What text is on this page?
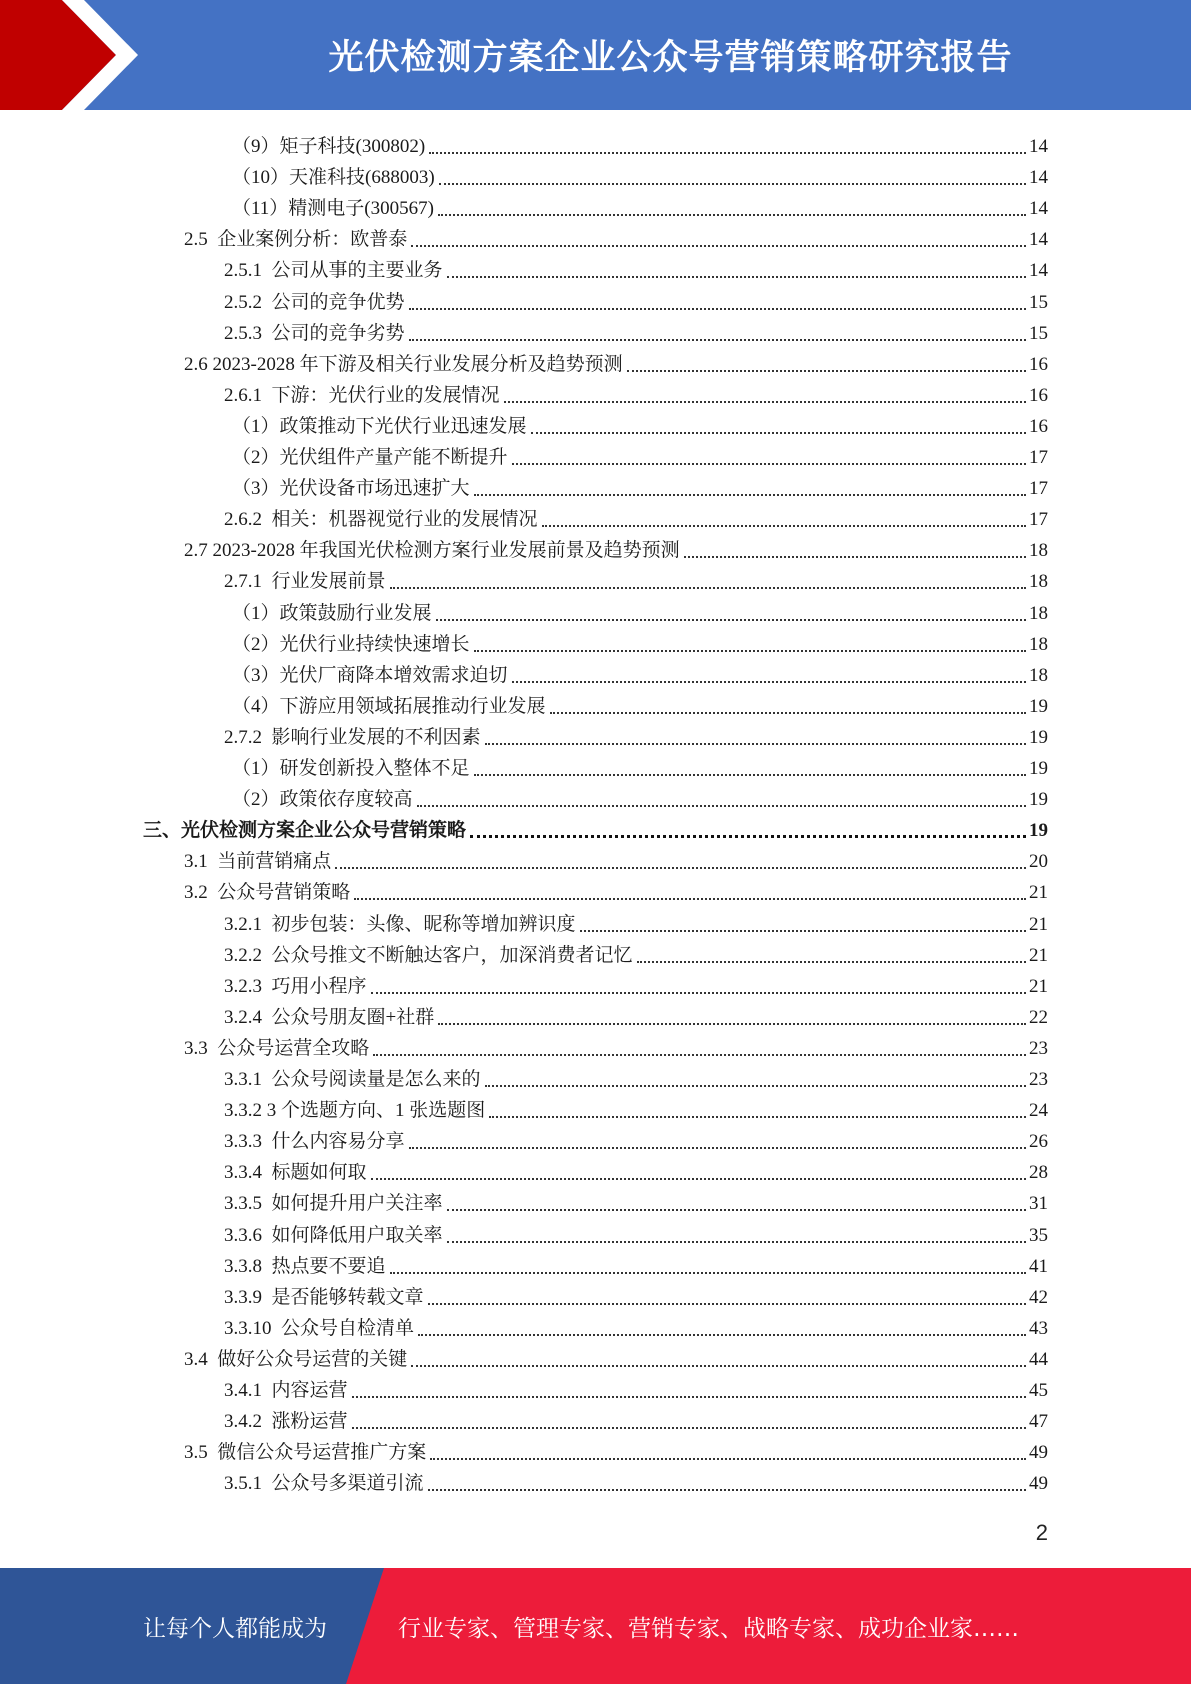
光伏检测方案企业公众号营销策略研究报告
（9）矩子科技(300802)	14
（10）天准科技(688003)	14
（11）精测电子(300567)	14
2.5  企业案例分析：欧普泰	14
2.5.1  公司从事的主要业务	14
2.5.2  公司的竞争优势	15
2.5.3  公司的竞争劣势	15
2.6 2023-2028 年下游及相关行业发展分析及趋势预测	16
2.6.1  下游：光伏行业的发展情况	16
（1）政策推动下光伏行业迅速发展	16
（2）光伏组件产量产能不断提升	17
（3）光伏设备市场迅速扩大	17
2.6.2  相关：机器视觉行业的发展情况	17
2.7 2023-2028 年我国光伏检测方案行业发展前景及趋势预测	18
2.7.1  行业发展前景	18
（1）政策鼓励行业发展	18
（2）光伏行业持续快速增长	18
（3）光伏厂商降本增效需求迫切	18
（4）下游应用领域拓展推动行业发展	19
2.7.2  影响行业发展的不利因素	19
（1）研发创新投入整体不足	19
（2）政策依存度较高	19
三、光伏检测方案企业公众号营销策略	19
3.1  当前营销痛点	20
3.2  公众号营销策略	21
3.2.1  初步包装：头像、昵称等增加辨识度	21
3.2.2  公众号推文不断触达客户，加深消费者记忆	21
3.2.3  巧用小程序	21
3.2.4  公众号朋友圈+社群	22
3.3  公众号运营全攻略	23
3.3.1  公众号阅读量是怎么来的	23
3.3.2 3 个选题方向、1 张选题图	24
3.3.3  什么内容易分享	26
3.3.4  标题如何取	28
3.3.5  如何提升用户关注率	31
3.3.6  如何降低用户取关率	35
3.3.8  热点要不要追	41
3.3.9  是否能够转载文章	42
3.3.10  公众号自检清单	43
3.4  做好公众号运营的关键	44
3.4.1  内容运营	45
3.4.2  涨粉运营	47
3.5  微信公众号运营推广方案	49
3.5.1  公众号多渠道引流	49
2
让每个人都能成为	行业专家、管理专家、营销专家、战略专家、成功企业家……
